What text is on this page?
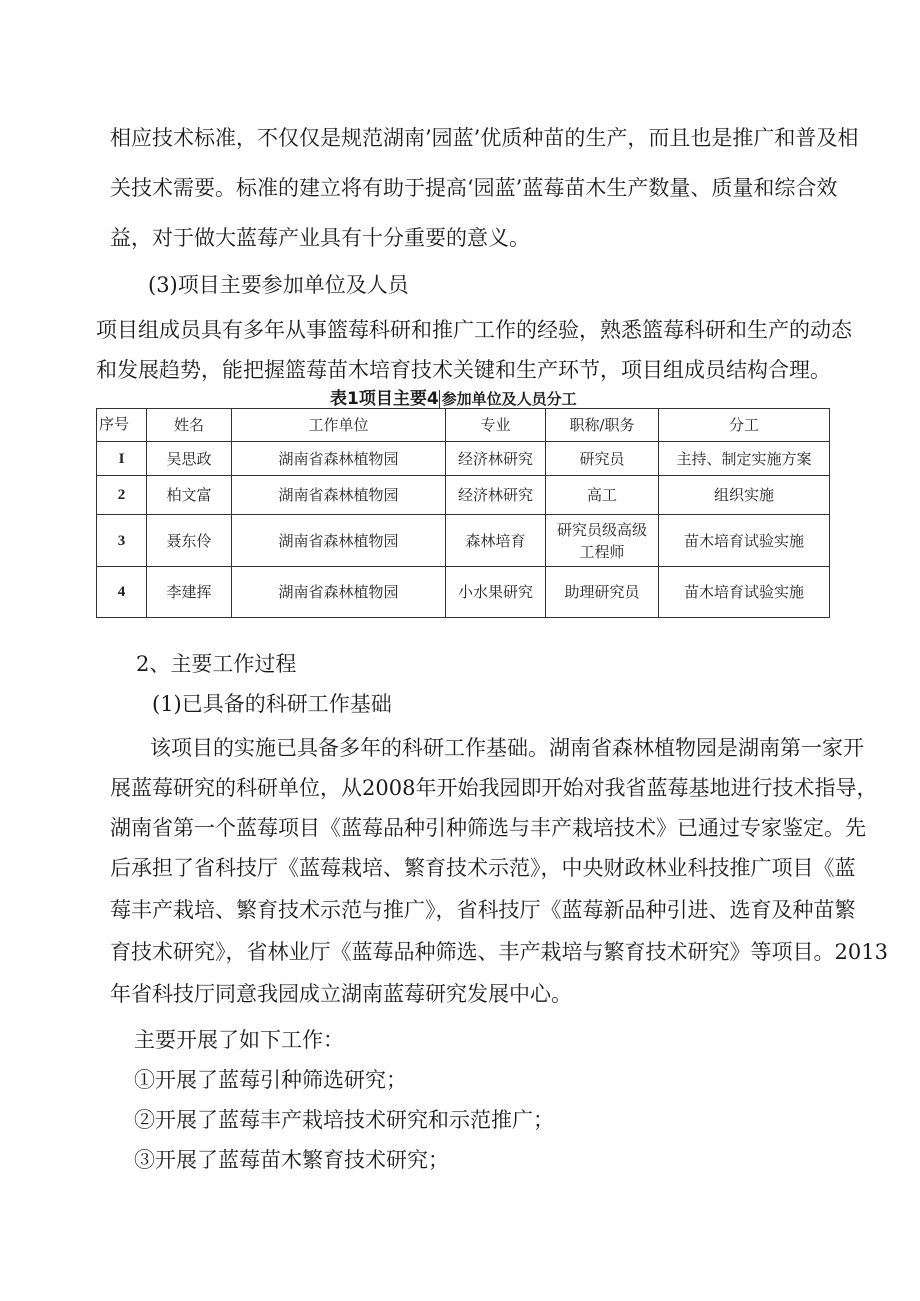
相应技术标准，不仅仅是规范湖南’园蓝’优质种苗的生产，而且也是推广和普及相
关技术需要。标准的建立将有助于提高‘园蓝’蓝莓苗木生产数量、质量和综合效
益，对于做大蓝莓产业具有十分重要的意义。
(3)项目主要参加单位及人员
项目组成员具有多年从事篮莓科研和推广工作的经验，熟悉篮莓科研和生产的动态
和发展趋势，能把握篮莓苗木培育技术关键和生产环节，项目组成员结构合理。
表1项目主要4 参加单位及人员分工
序号	姓名	工作单位	专业	职称/职务	分工
I	吴思政	湖南省森林植物园	经济林研究	研究员	主持、制定实施方案
2	柏文富	湖南省森林植物园	经济林研究	高工	组织实施
3	聂东伶	湖南省森林植物园	森林培育	研究员级高级工程师	苗木培育试验实施
4	李建挥	湖南省森林植物园	小水果研究	助理研究员	苗木培育试验实施
2、主要工作过程
(1)已具备的科研工作基础
该项目的实施已具备多年的科研工作基础。湖南省森林植物园是湖南第一家开
展蓝莓研究的科研单位，从2008年开始我园即开始对我省蓝莓基地进行技术指导，
湖南省第一个蓝莓项目《蓝莓品种引种筛选与丰产栽培技术》已通过专家鉴定。先
后承担了省科技厅《蓝莓栽培、繁育技术示范》，中央财政林业科技推广项目《蓝
莓丰产栽培、繁育技术示范与推广》，省科技厅《蓝莓新品种引进、选育及种苗繁
育技术研究》，省林业厅《蓝莓品种筛选、丰产栽培与繁育技术研究》等项目。2013
年省科技厅同意我园成立湖南蓝莓研究发展中心。
主要开展了如下工作：
①开展了蓝莓引种筛选研究；
②开展了蓝莓丰产栽培技术研究和示范推广；
③开展了蓝莓苗木繁育技术研究；
